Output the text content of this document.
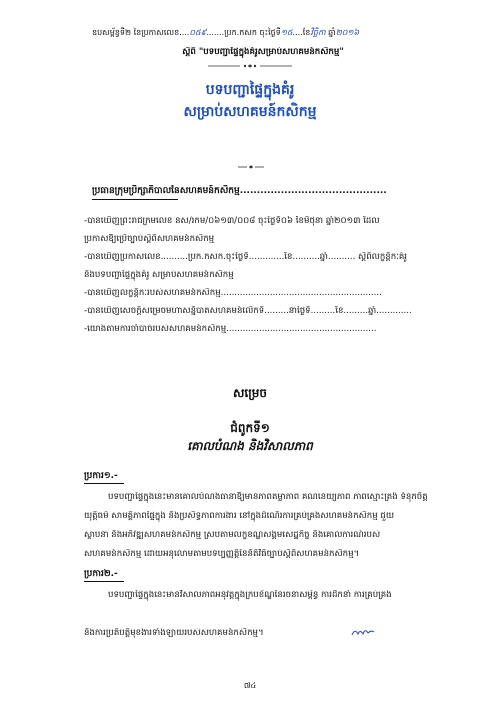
ឧបសម្ព័ន្ធទី២ នៃប្រកាសលេខ....០៥៩.......ប្រក.កសក ចុះថ្ងៃទី១៥....ខែវិច្ឆិកា ឆ្នាំ២០១៦
ស្ដីពី "បទបញ្ជាផ្ទៃក្នុងគំរូសម្រាប់សហគមន៍កសិកម្ម"
បទបញ្ជាផ្ទៃក្នុងគំរូ
សម្រាប់សហគមន៍កសិកម្ម
ប្រធានក្រុមប្រឹក្សាភិបាលនៃសហគមន៍កសិកម្ម...........................................
-បានឃើញព្រះរាជក្រមលេខ នស/រកម/០៦១៣/០០៨ ចុះថ្ងៃទី០៦ ខែមិថុនា ឆ្នាំ២០១៣ ដែល
ប្រកាសឱ្យប្រើច្បាប់ស្ដីពីសហគមន៍កសិកម្ម
-បានឃើញប្រកាសលេខ..........ប្រក.កសក.ចុះថ្ងៃទី.............ខែ..........ឆ្នាំ.......... ស្ដីពីលក្ខន្តិកៈគំរូ
និងបទបញ្ជាផ្ទៃក្នុងគំរូ សម្រាប់សហគមន៍កសិកម្ម
-បានឃើញលក្ខន្តិកៈរបស់សហគមន៍កសិកម្ម...........................................................
-បានឃើញសេចក្ដីសម្រេចមហាសន្និបាតសហគមន៍លើកទី.........នាថ្ងៃទី.........ខែ.........ឆ្នាំ.............
-យោងតាមការចាំបាច់របស់សហគមន៍កសិកម្ម.......................................................
សម្រេច
ជំពូកទី១
គោលបំណង និងវិសាលភាព
ប្រការ១.-
បទបញ្ជាផ្ទៃក្នុងនេះមានគោលបំណងធានាឱ្យមានភាពតម្លាភាព គណនេយ្យភាព ភាពស្មោះត្រង់ ទំនុកចិត្ត
យុត្តិធម៌ សាមគ្គីភាពផ្ទៃក្នុង និងប្រសិទ្ធភាពការងារ នៅក្នុងដំណើរការគ្រប់គ្រងសហគមន៍កសិកម្ម ជួយ
ស្ថាបនា និងអភិវឌ្ឍសហគមន៍កសិកម្ម ស្របតាមលក្ខខណ្ឌសង្គមសេដ្ឋកិច្ច និងគោលការណ៍របស់
សហគមន៍កសិកម្ម ដោយអនុលោមតាមបទប្បញ្ញត្តិនៃនីតិវិធីច្បាប់ស្ដីពីសហគមន៍កសិកម្ម។
ប្រការ២.-
បទបញ្ជាផ្ទៃក្នុងនេះមានវិសាលភាពអនុវត្តក្នុងក្របខ័ណ្ឌនៃរចនាសម្ព័ន្ធ ការដឹកនាំ ការគ្រប់គ្រង
និងការប្រតិបត្តិមុខងារទាំងឡាយរបស់សហគមន៍កសិកម្ម។
៧៤
